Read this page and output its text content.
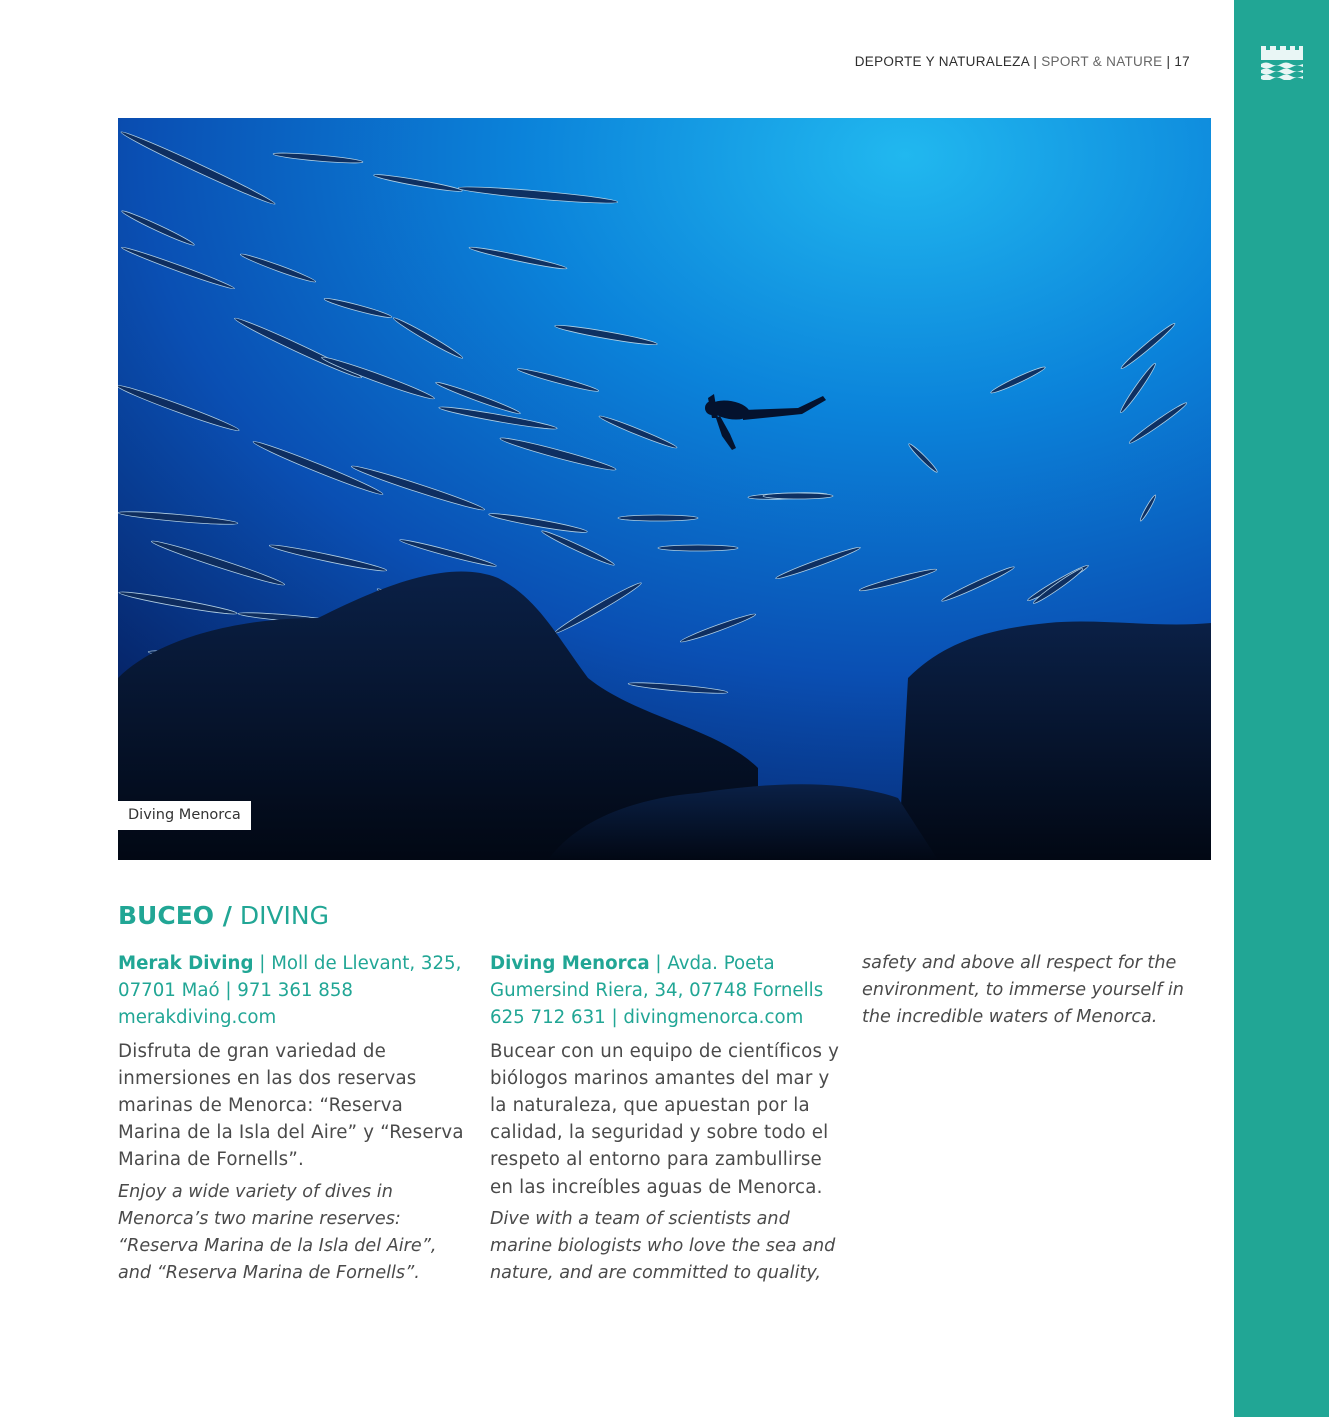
DEPORTE Y NATURALEZA | SPORT & NATURE | 17
Diving Menorca
BUCEO / DIVING

Merak Diving | Moll de Llevant, 325, 07701 Maó | 971 361 858 merakdiving.com

Disfruta de gran variedad de inmersiones en las dos reservas marinas de Menorca: “Reserva Marina de la Isla del Aire” y “Reserva Marina de Fornells”.

Enjoy a wide variety of dives in Menorca’s two marine reserves: “Reserva Marina de la Isla del Aire”, and “Reserva Marina de Fornells”.

Diving Menorca | Avda. Poeta Gumersind Riera, 34, 07748 Fornells 625 712 631 | divingmenorca.com

Bucear con un equipo de científicos y biólogos marinos amantes del mar y la naturaleza, que apuestan por la calidad, la seguridad y sobre todo el respeto al entorno para zambullirse en las increíbles aguas de Menorca.

Dive with a team of scientists and marine biologists who love the sea and nature, and are committed to quality,

safety and above all respect for the environment, to immerse yourself in the incredible waters of Menorca.
